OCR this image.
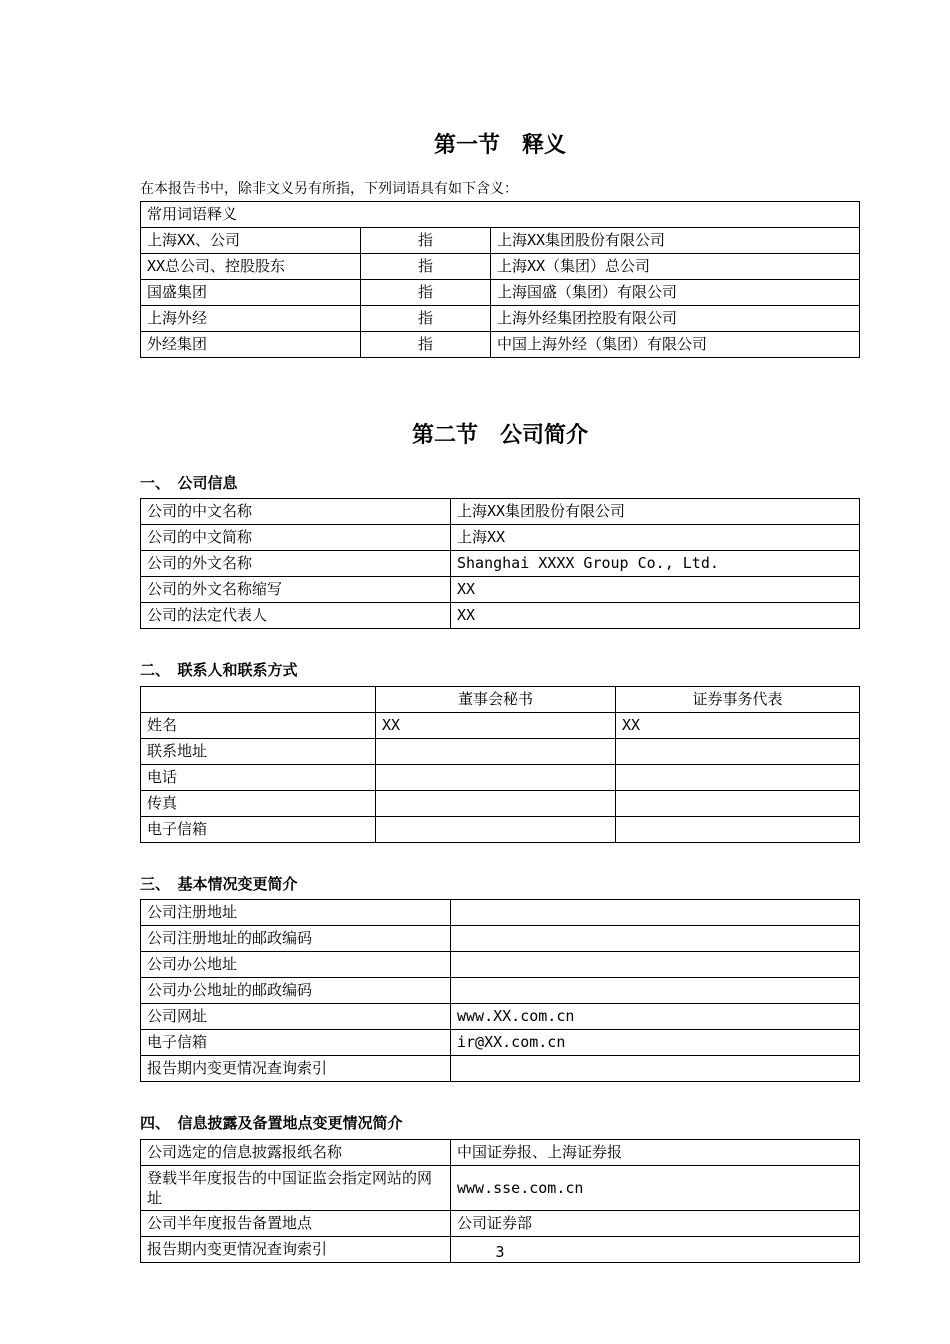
第一节　释义

在本报告书中，除非文义另有所指，下列词语具有如下含义：

常用词语释义		
上海XX、公司	指	上海XX集团股份有限公司
XX总公司、控股股东	指	上海XX（集团）总公司
国盛集团	指	上海国盛（集团）有限公司
上海外经	指	上海外经集团控股有限公司
外经集团	指	中国上海外经（集团）有限公司
第二节　公司简介
一、　公司信息
公司的中文名称	上海XX集团股份有限公司
公司的中文简称	上海XX
公司的外文名称	Shanghai XXXX Group Co., Ltd.
公司的外文名称缩写	XX
公司的法定代表人	XX
二、　联系人和联系方式
	董事会秘书	证券事务代表
姓名	XX	XX
联系地址		
电话		
传真		
电子信箱		
三、　基本情况变更简介
公司注册地址	
公司注册地址的邮政编码	
公司办公地址	
公司办公地址的邮政编码	
公司网址	www.XX.com.cn
电子信箱	ir@XX.com.cn
报告期内变更情况查询索引	
四、　信息披露及备置地点变更情况简介
公司选定的信息披露报纸名称	中国证券报、上海证券报
登载半年度报告的中国证监会指定网站的网址	www.sse.com.cn
公司半年度报告备置地点	公司证券部
报告期内变更情况查询索引		3
